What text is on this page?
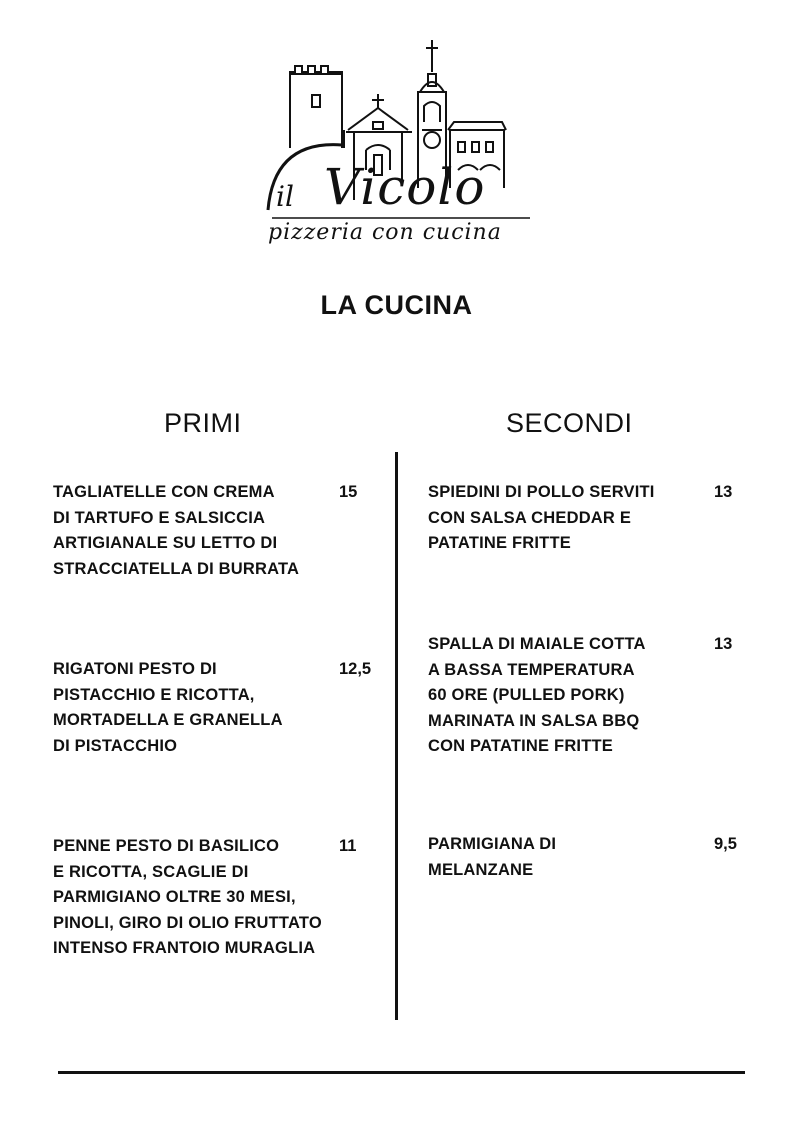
il Vicolo
pizzeria con cucina
LA CUCINA
PRIMI	SECONDI
TAGLIATELLE CON CREMA
DI TARTUFO E SALSICCIA
ARTIGIANALE SU LETTO DI
STRACCIATELLA DI BURRATA
15
RIGATONI PESTO DI
PISTACCHIO E RICOTTA,
MORTADELLA E GRANELLA
DI PISTACCHIO
12,5
PENNE PESTO DI BASILICO
E RICOTTA, SCAGLIE DI
PARMIGIANO OLTRE 30 MESI,
PINOLI, GIRO DI OLIO FRUTTATO
INTENSO FRANTOIO MURAGLIA
11
SPIEDINI DI POLLO SERVITI
CON SALSA CHEDDAR E
PATATINE FRITTE
13
SPALLA DI MAIALE COTTA
A BASSA TEMPERATURA
60 ORE (PULLED PORK)
MARINATA IN SALSA BBQ
CON PATATINE FRITTE
13
PARMIGIANA DI
MELANZANE
9,5
